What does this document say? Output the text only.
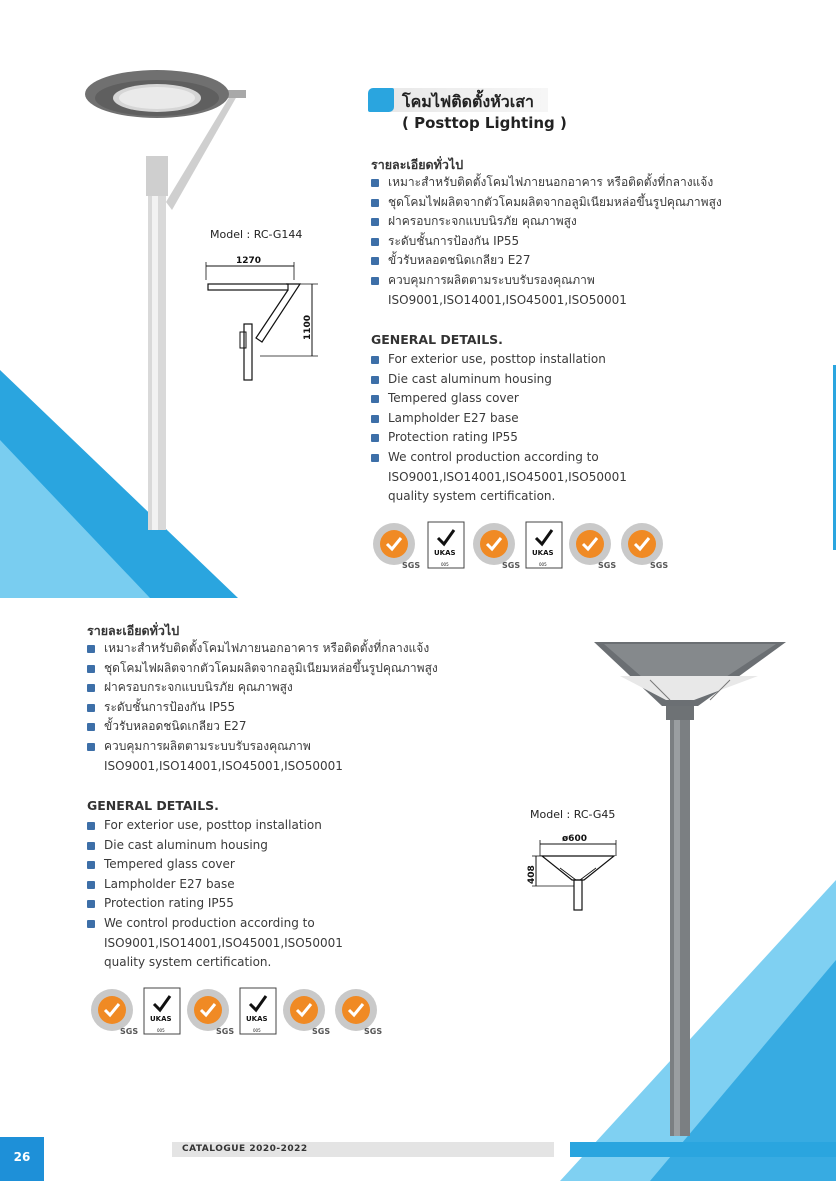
Model : RC-G144
1270
1100
โคมไฟติดตั้งหัวเสา
( Posttop Lighting )
รายละเอียดทั่วไป
เหมาะสำหรับติดตั้งโคมไฟภายนอกอาคาร หรือติดตั้งที่กลางแจ้ง
ชุดโคมไฟผลิตจากตัวโคมผลิตจากอลูมิเนียมหล่อขึ้นรูปคุณภาพสูง
ฝาครอบกระจกแบบนิรภัย คุณภาพสูง
ระดับชั้นการป้องกัน IP55
ขั้วรับหลอดชนิดเกลียว E27
ควบคุมการผลิตตามระบบรับรองคุณภาพ
ISO9001,ISO14001,ISO45001,ISO50001
GENERAL DETAILS.
For exterior use, posttop installation
Die cast aluminum housing
Tempered glass cover
Lampholder E27 base
Protection rating IP55
We control production according to
ISO9001,ISO14001,ISO45001,ISO50001
quality system certification.
SGS
UKAS
005	SGS
UKAS
005	SGS	SGS
รายละเอียดทั่วไป
เหมาะสำหรับติดตั้งโคมไฟภายนอกอาคาร หรือติดตั้งที่กลางแจ้ง
ชุดโคมไฟผลิตจากตัวโคมผลิตจากอลูมิเนียมหล่อขึ้นรูปคุณภาพสูง
ฝาครอบกระจกแบบนิรภัย คุณภาพสูง
ระดับชั้นการป้องกัน IP55
ขั้วรับหลอดชนิดเกลียว E27
ควบคุมการผลิตตามระบบรับรองคุณภาพ
ISO9001,ISO14001,ISO45001,ISO50001
GENERAL DETAILS.
For exterior use, posttop installation
Die cast aluminum housing
Tempered glass cover
Lampholder E27 base
Protection rating IP55
We control production according to
ISO9001,ISO14001,ISO45001,ISO50001
quality system certification.
SGS
UKAS
005	SGS
UKAS
005	SGS	SGS
Model : RC-G45
ø600
408
CATALOGUE 2020-2022
26
